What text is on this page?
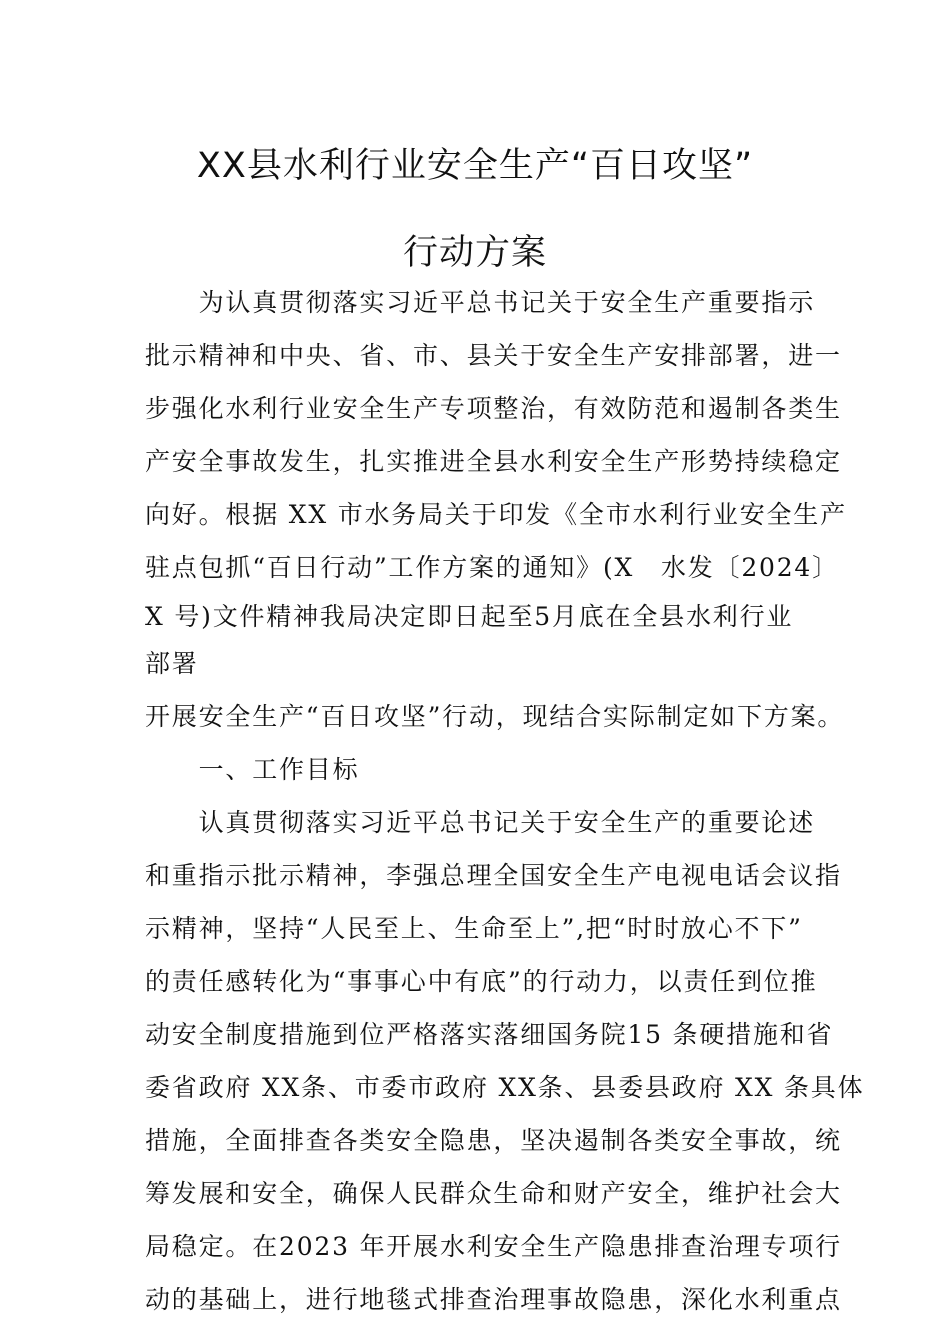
XX县水利行业安全生产“百日攻坚”
行动方案
　　为认真贯彻落实习近平总书记关于安全生产重要指示
批示精神和中央、省、市、县关于安全生产安排部署，进一
步强化水利行业安全生产专项整治，有效防范和遏制各类生
产安全事故发生，扎实推进全县水利安全生产形势持续稳定
向好。根据 XX 市水务局关于印发《全市水利行业安全生产
驻点包抓“百日行动”工作方案的通知》(X　水发〔2024〕
X 号)文件精神我局决定即日起至5月底在全县水利行业
部署
开展安全生产“百日攻坚”行动，现结合实际制定如下方案。
　　一、工作目标
　　认真贯彻落实习近平总书记关于安全生产的重要论述
和重指示批示精神，李强总理全国安全生产电视电话会议指
示精神，坚持“人民至上、生命至上”,把“时时放心不下”
的责任感转化为“事事心中有底”的行动力，以责任到位推
动安全制度措施到位严格落实落细国务院15 条硬措施和省
委省政府 XX条、市委市政府 XX条、县委县政府 XX 条具体
措施，全面排查各类安全隐患，坚决遏制各类安全事故，统
筹发展和安全，确保人民群众生命和财产安全，维护社会大
局稳定。在2023 年开展水利安全生产隐患排查治理专项行
动的基础上，进行地毯式排查治理事故隐患，深化水利重点
